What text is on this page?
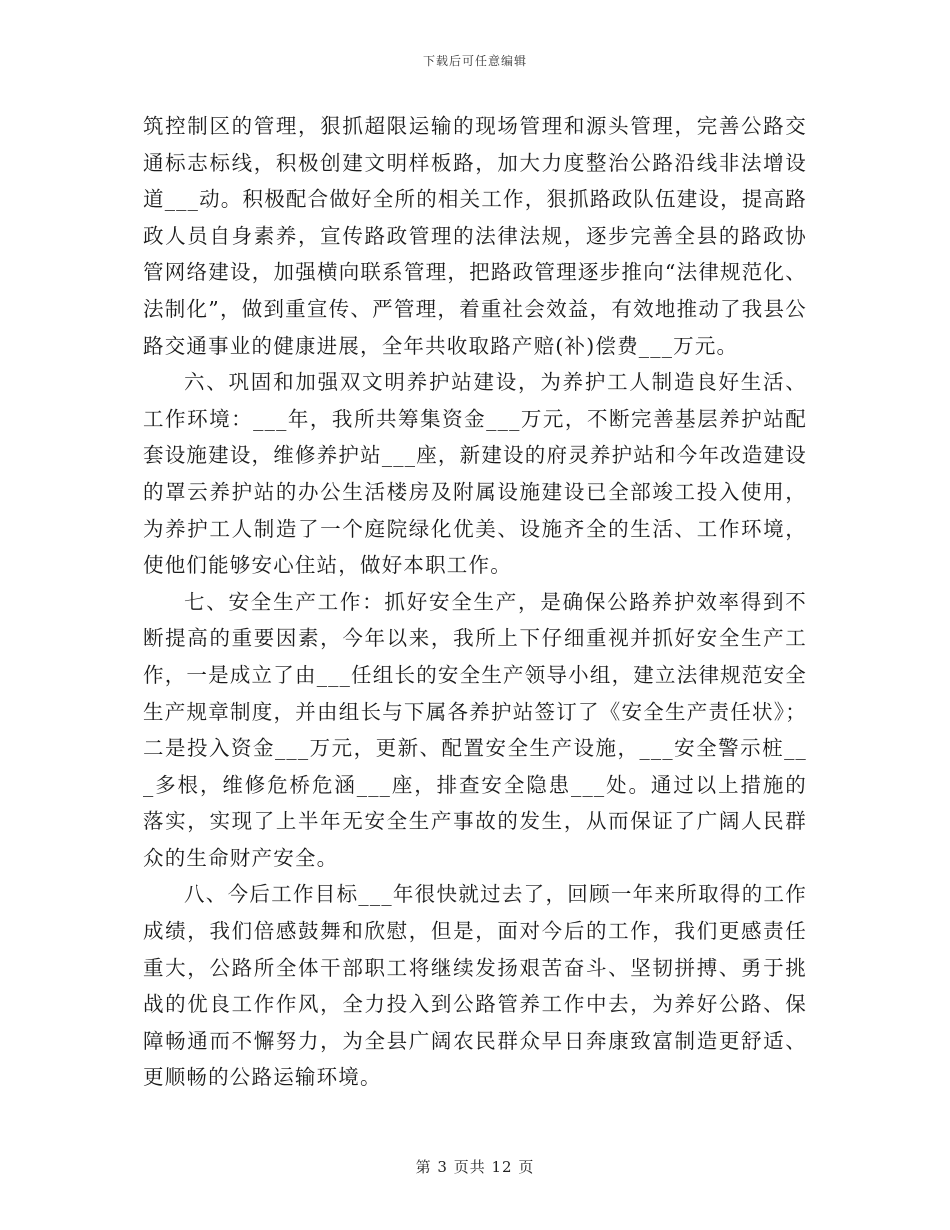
下载后可任意编辑

筑控制区的管理，狠抓超限运输的现场管理和源头管理，完善公路交通标志标线，积极创建文明样板路，加大力度整治公路沿线非法增设道___动。积极配合做好全所的相关工作，狠抓路政队伍建设，提高路政人员自身素养，宣传路政管理的法律法规，逐步完善全县的路政协管网络建设，加强横向联系管理，把路政管理逐步推向“法律规范化、法制化”，做到重宣传、严管理，着重社会效益，有效地推动了我县公路交通事业的健康进展，全年共收取路产赔(补)偿费___万元。

六、巩固和加强双文明养护站建设，为养护工人制造良好生活、工作环境：___年，我所共筹集资金___万元，不断完善基层养护站配套设施建设，维修养护站___座，新建设的府灵养护站和今年改造建设的罩云养护站的办公生活楼房及附属设施建设已全部竣工投入使用，为养护工人制造了一个庭院绿化优美、设施齐全的生活、工作环境，使他们能够安心住站，做好本职工作。

七、安全生产工作：抓好安全生产，是确保公路养护效率得到不断提高的重要因素，今年以来，我所上下仔细重视并抓好安全生产工作，一是成立了由___任组长的安全生产领导小组，建立法律规范安全生产规章制度，并由组长与下属各养护站签订了《安全生产责任状》；二是投入资金___万元，更新、配置安全生产设施，___安全警示桩___多根，维修危桥危涵___座，排查安全隐患___处。通过以上措施的落实，实现了上半年无安全生产事故的发生，从而保证了广阔人民群众的生命财产安全。

八、今后工作目标___年很快就过去了，回顾一年来所取得的工作成绩，我们倍感鼓舞和欣慰，但是，面对今后的工作，我们更感责任重大，公路所全体干部职工将继续发扬艰苦奋斗、坚韧拼搏、勇于挑战的优良工作作风，全力投入到公路管养工作中去，为养好公路、保障畅通而不懈努力，为全县广阔农民群众早日奔康致富制造更舒适、更顺畅的公路运输环境。

第 3 页共 12 页
